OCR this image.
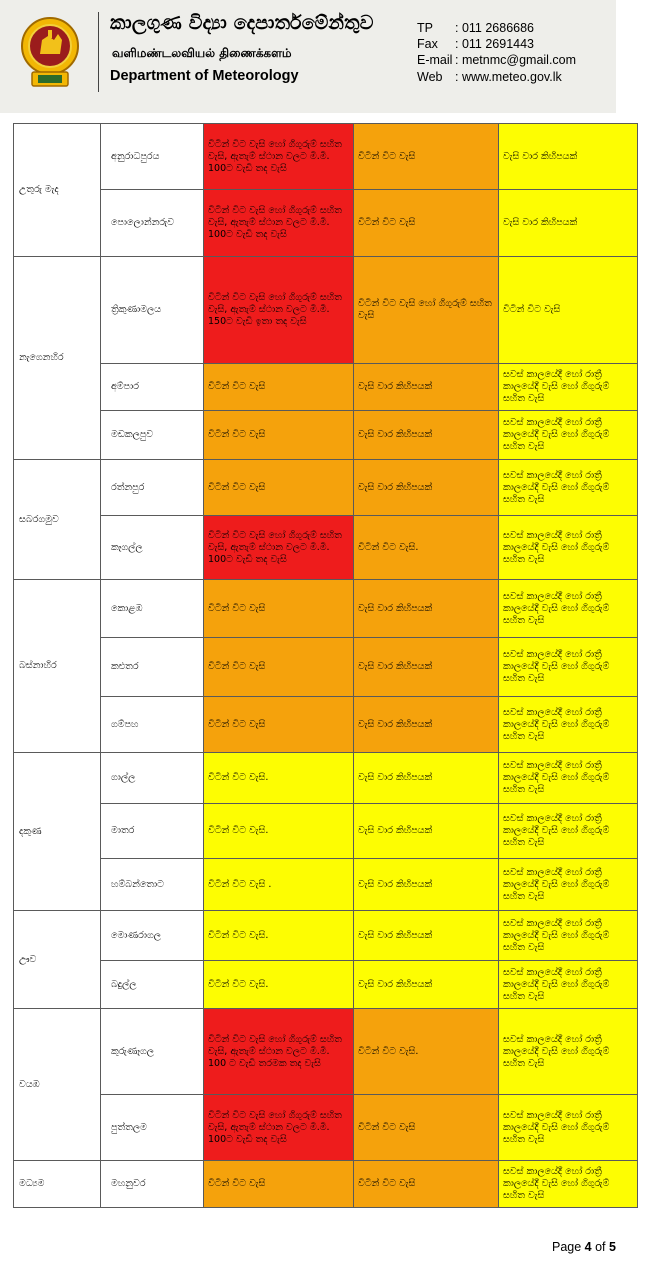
කාලගුණ විද්‍යා දෙපාර්තමේන්තුව
வளிமண்டலவியல் திணைக்களம்
Department of Meteorology
TP	: 011 2686686
Fax	: 011 2691443
E-mail : metnmc@gmail.com
Web	: www.meteo.gov.lk
උතුරු මැද	අනුරාධපුරය	විටින් විට වැසි හෝ ගිගුරුම් සහිත වැසි, ඇතැම් ස්ථාන වලට මි.මී. 100ට වැඩි තද වැසි	විටින් විට වැසි	වැසි වාර කිහිපයක්
	පොලොන්නරුව	විටින් විට වැසි හෝ ගිගුරුම් සහිත වැසි, ඇතැම් ස්ථාන වලට මි.මී. 100ට වැඩි තද වැසි	විටින් විට වැසි	වැසි වාර කිහිපයක්
නැගෙනහිර	ත්‍රිකුණාමලය	විටින් විට වැසි හෝ ගිගුරුම් සහිත වැසි, ඇතැම් ස්ථාන වලට මි.මී. 150ට වැඩි ඉතා තද වැසි	විටින් විට වැසි හෝ ගිගුරුම් සහිත වැසි	විටින් විට වැසි
	අම්පාර	විටින් විට වැසි	වැසි වාර කිහිපයක්	සවස් කාලයේදී හෝ රාත්‍රී කාලයේදී වැසි හෝ ගිගුරුම් සහිත වැසි
	මඩකලපුව	විටින් විට වැසි	වැසි වාර කිහිපයක්	සවස් කාලයේදී හෝ රාත්‍රී කාලයේදී වැසි හෝ ගිගුරුම් සහිත වැසි
සබරගමුව	රත්නපුර	විටින් විට වැසි	වැසි වාර කිහිපයක්	සවස් කාලයේදී හෝ රාත්‍රී කාලයේදී වැසි හෝ ගිගුරුම් සහිත වැසි
	කෑගල්ල	විටින් විට වැසි හෝ ගිගුරුම් සහිත වැසි, ඇතැම් ස්ථාන වලට මි.මී. 100ට වැඩි තද වැසි	විටින් විට වැසි.	සවස් කාලයේදී හෝ රාත්‍රී කාලයේදී වැසි හෝ ගිගුරුම් සහිත වැසි
බස්නාහිර	කොළඹ	විටින් විට වැසි	වැසි වාර කිහිපයක්	සවස් කාලයේදී හෝ රාත්‍රී කාලයේදී වැසි හෝ ගිගුරුම් සහිත වැසි
	කළුතර	විටින් විට වැසි	වැසි වාර කිහිපයක්	සවස් කාලයේදී හෝ රාත්‍රී කාලයේදී වැසි හෝ ගිගුරුම් සහිත වැසි
	ගම්පහ	විටින් විට වැසි	වැසි වාර කිහිපයක්	සවස් කාලයේදී හෝ රාත්‍රී කාලයේදී වැසි හෝ ගිගුරුම් සහිත වැසි
දකුණ	ගාල්ල	විටින් විට වැසි.	වැසි වාර කිහිපයක්	සවස් කාලයේදී හෝ රාත්‍රී කාලයේදී වැසි හෝ ගිගුරුම් සහිත වැසි
	මාතර	විටින් විට වැසි.	වැසි වාර කිහිපයක්	සවස් කාලයේදී හෝ රාත්‍රී කාලයේදී වැසි හෝ ගිගුරුම් සහිත වැසි
	හම්බන්තොට	විටින් විට වැසි .	වැසි වාර කිහිපයක්	සවස් කාලයේදී හෝ රාත්‍රී කාලයේදී වැසි හෝ ගිගුරුම් සහිත වැසි
ඌව	මොණරාගල	විටින් විට වැසි.	වැසි වාර කිහිපයක්	සවස් කාලයේදී හෝ රාත්‍රී කාලයේදී වැසි හෝ ගිගුරුම් සහිත වැසි
	බදුල්ල	විටින් විට වැසි.	වැසි වාර කිහිපයක්	සවස් කාලයේදී හෝ රාත්‍රී කාලයේදී වැසි හෝ ගිගුරුම් සහිත වැසි
වයඹ	කුරුණෑගල	විටින් විට වැසි හෝ ගිගුරුම් සහිත වැසි, ඇතැම් ස්ථාන වලට මි.මී. 100 ට වැඩි තරමක තද වැසි	විටින් විට වැසි.	සවස් කාලයේදී හෝ රාත්‍රී කාලයේදී වැසි හෝ ගිගුරුම් සහිත වැසි
	පුත්තලම	විටින් විට වැසි හෝ ගිගුරුම් සහිත වැසි, ඇතැම් ස්ථාන වලට මි.මී. 100ට වැඩි තද වැසි	විටින් විට වැසි	සවස් කාලයේදී හෝ රාත්‍රී කාලයේදී වැසි හෝ ගිගුරුම් සහිත වැසි
මධ්‍යම	මහනුවර	විටින් විට වැසි	විටින් විට වැසි	සවස් කාලයේදී හෝ රාත්‍රී කාලයේදී වැසි හෝ ගිගුරුම් සහිත වැසි
Page 4 of 5
